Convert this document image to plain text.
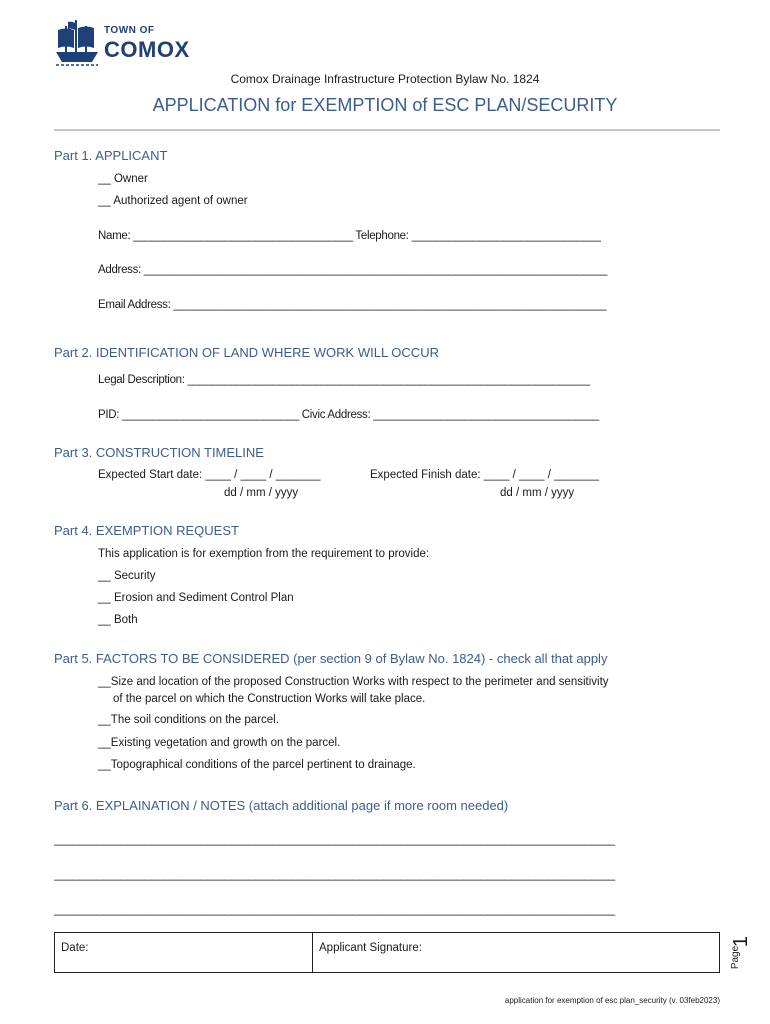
TOWN OF
COMOX
Comox Drainage Infrastructure Protection Bylaw No. 1824
APPLICATION for EXEMPTION of ESC PLAN/SECURITY
Part 1. APPLICANT
__ Owner
__ Authorized agent of owner
Name: ____________________________________ Telephone: _______________________________
Address: ____________________________________________________________________________
Email Address: _______________________________________________________________________
Part 2. IDENTIFICATION OF LAND WHERE WORK WILL OCCUR
Legal Description: __________________________________________________________________
PID: _____________________________ Civic Address: _____________________________________
Part 3. CONSTRUCTION TIMELINE
Expected Start date: ____ / ____ / _______
dd / mm / yyyy
Expected Finish date: ____ / ____ / _______
dd / mm / yyyy
Part 4. EXEMPTION REQUEST
This application is for exemption from the requirement to provide:
__ Security
__ Erosion and Sediment Control Plan
__ Both
Part 5. FACTORS TO BE CONSIDERED (per section 9 of Bylaw No. 1824) - check all that apply
__Size and location of the proposed Construction Works with respect to the perimeter and sensitivity
of the parcel on which the Construction Works will take place.
__The soil conditions on the parcel.
__Existing vegetation and growth on the parcel.
__Topographical conditions of the parcel pertinent to drainage.
Part 6. EXPLAINATION / NOTES (attach additional page if more room needed)
____________________________________________________________________________________________
____________________________________________________________________________________________
____________________________________________________________________________________________
Date:	Applicant Signature:
1
Page
application for exemption of esc plan_security (v. 03feb2023)
